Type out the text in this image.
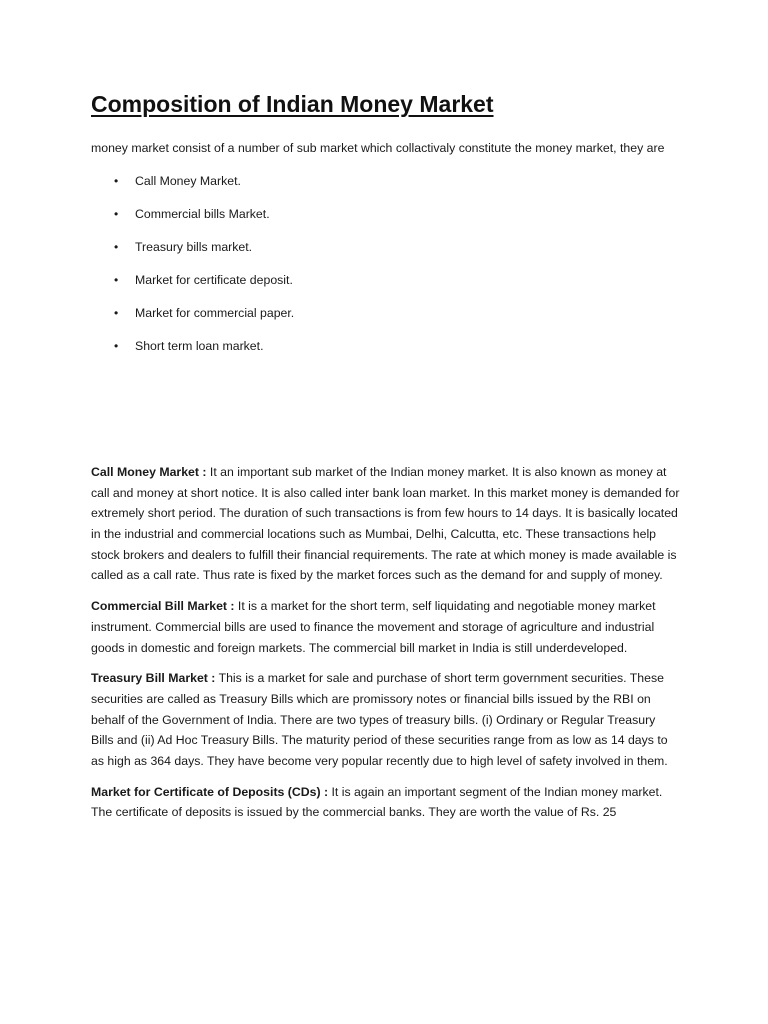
Composition of Indian Money Market

money market consist of a number of sub market which collactivaly constitute the money market, they are

• Call Money Market.
• Commercial bills Market.
• Treasury bills market.
• Market for certificate deposit.
• Market for commercial paper.
• Short term loan market.

Call Money Market : It an important sub market of the Indian money market. It is also known as money at call and money at short notice. It is also called inter bank loan market. In this market money is demanded for extremely short period. The duration of such transactions is from few hours to 14 days. It is basically located in the industrial and commercial locations such as Mumbai, Delhi, Calcutta, etc. These transactions help stock brokers and dealers to fulfill their financial requirements. The rate at which money is made available is called as a call rate. Thus rate is fixed by the market forces such as the demand for and supply of money.

Commercial Bill Market : It is a market for the short term, self liquidating and negotiable money market instrument. Commercial bills are used to finance the movement and storage of agriculture and industrial goods in domestic and foreign markets. The commercial bill market in India is still underdeveloped.

Treasury Bill Market : This is a market for sale and purchase of short term government securities. These securities are called as Treasury Bills which are promissory notes or financial bills issued by the RBI on behalf of the Government of India. There are two types of treasury bills. (i) Ordinary or Regular Treasury Bills and (ii) Ad Hoc Treasury Bills. The maturity period of these securities range from as low as 14 days to as high as 364 days. They have become very popular recently due to high level of safety involved in them.

Market for Certificate of Deposits (CDs) : It is again an important segment of the Indian money market. The certificate of deposits is issued by the commercial banks. They are worth the value of Rs. 25
